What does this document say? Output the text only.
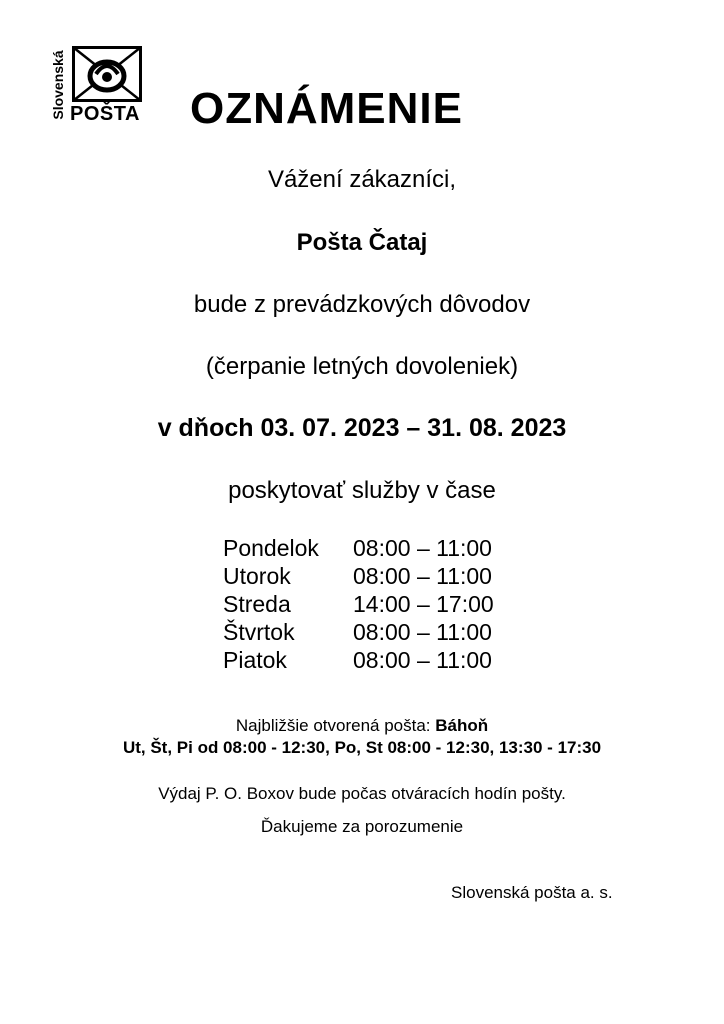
Slovenská POŠTA OZNÁMENIE
Vážení zákazníci,
Pošta Čataj
bude z prevádzkových dôvodov
(čerpanie letných dovoleniek)
v dňoch 03. 07. 2023 – 31. 08. 2023
poskytovať služby v čase
Pondelok 08:00 – 11:00
Utorok	08:00 – 11:00
Streda	14:00 – 17:00
Štvrtok	08:00 – 11:00
Piatok	08:00 – 11:00
Najbližšie otvorená pošta: Báhoň
Ut, Št, Pi od 08:00 - 12:30, Po, St 08:00 - 12:30, 13:30 - 17:30
Výdaj P. O. Boxov bude počas otváracích hodín pošty.
Ďakujeme za porozumenie
Slovenská pošta a. s.
